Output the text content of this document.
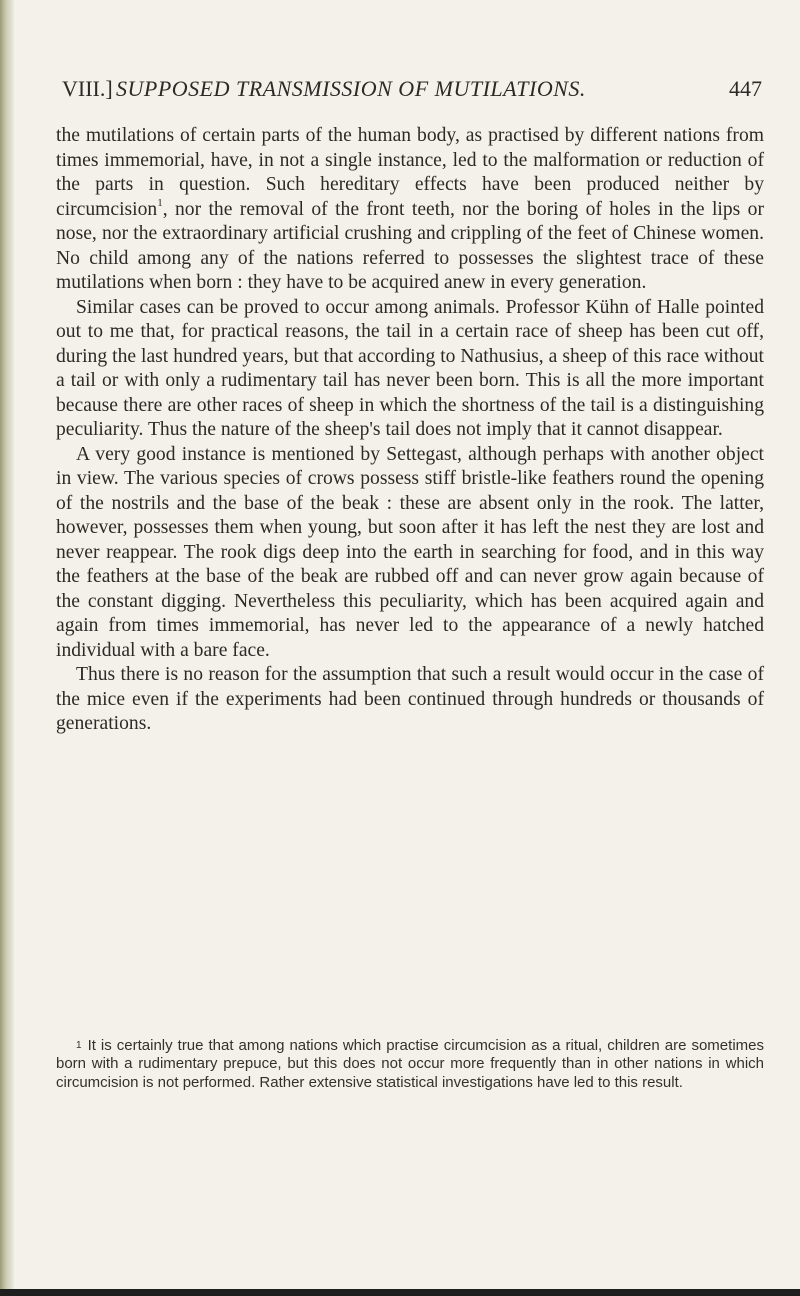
VIII.] SUPPOSED TRANSMISSION OF MUTILATIONS.	447

the mutilations of certain parts of the human body, as practised by different nations from times immemorial, have, in not a single instance, led to the malformation or reduction of the parts in question. Such hereditary effects have been produced neither by circumcision$^1$, nor the removal of the front teeth, nor the boring of holes in the lips or nose, nor the extraordinary artificial crushing and crippling of the feet of Chinese women. No child among any of the nations referred to possesses the slightest trace of these mutilations when born : they have to be acquired anew in every generation.

Similar cases can be proved to occur among animals. Professor Kühn of Halle pointed out to me that, for practical reasons, the tail in a certain race of sheep has been cut off, during the last hundred years, but that according to Nathusius, a sheep of this race without a tail or with only a rudimentary tail has never been born. This is all the more important because there are other races of sheep in which the shortness of the tail is a distinguishing peculiarity. Thus the nature of the sheep's tail does not imply that it cannot disappear.

A very good instance is mentioned by Settegast, although perhaps with another object in view. The various species of crows possess stiff bristle-like feathers round the opening of the nostrils and the base of the beak : these are absent only in the rook. The latter, however, possesses them when young, but soon after it has left the nest they are lost and never reappear. The rook digs deep into the earth in searching for food, and in this way the feathers at the base of the beak are rubbed off and can never grow again because of the constant digging. Nevertheless this peculiarity, which has been acquired again and again from times immemorial, has never led to the appearance of a newly hatched individual with a bare face.

Thus there is no reason for the assumption that such a result would occur in the case of the mice even if the experiments had been continued through hundreds or thousands of generations.

$^1$ It is certainly true that among nations which practise circumcision as a ritual, children are sometimes born with a rudimentary prepuce, but this does not occur more frequently than in other nations in which circumcision is not performed. Rather extensive statistical investigations have led to this result.
